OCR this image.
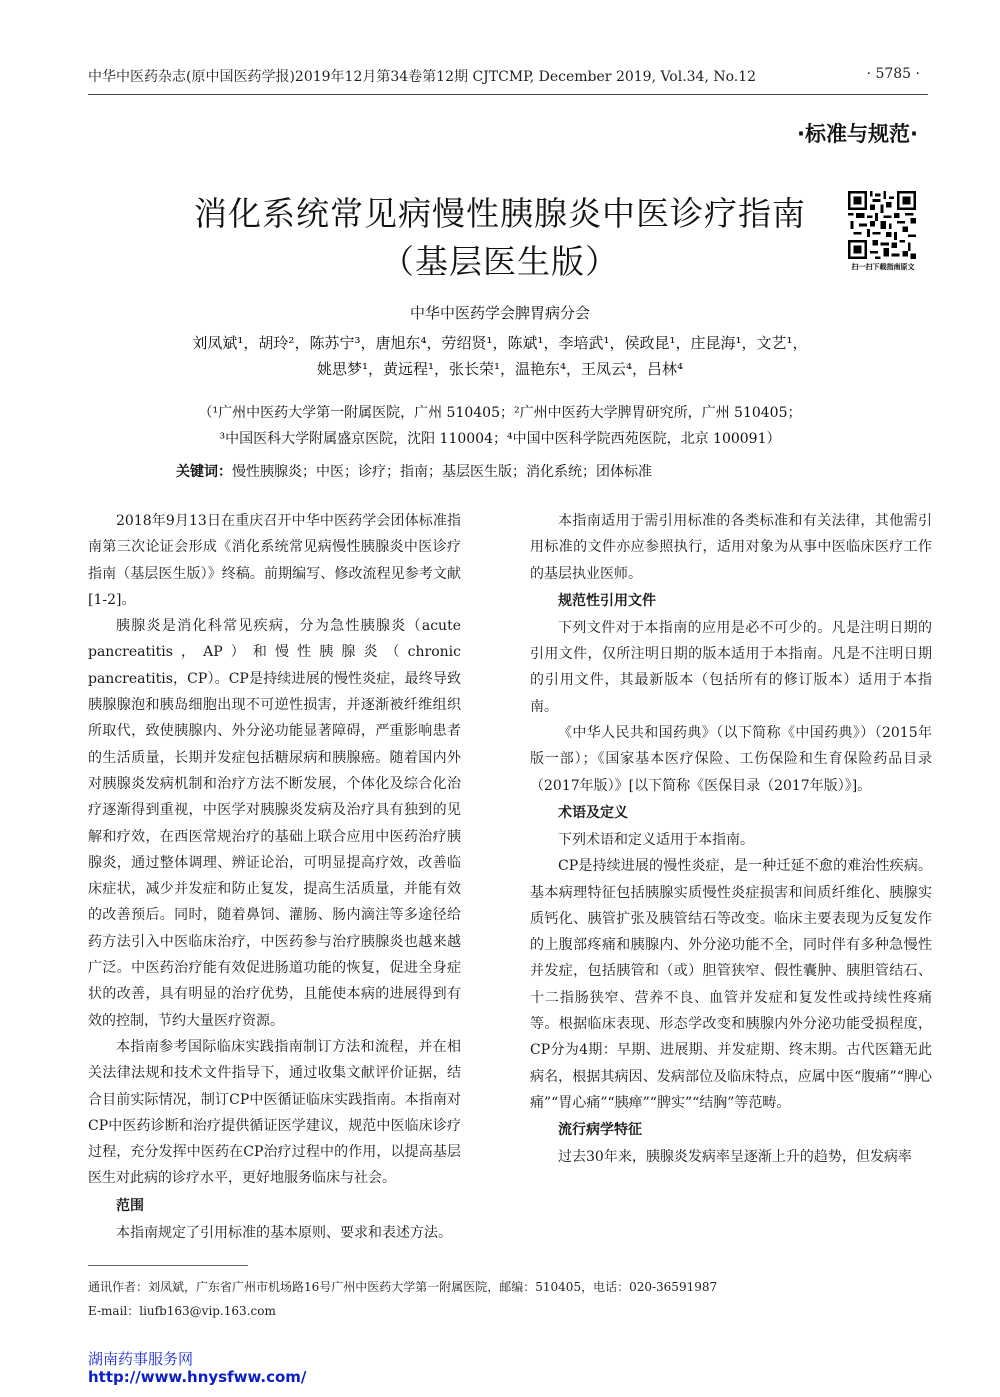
中华中医药杂志(原中国医药学报)2019年12月第34卷第12期 CJTCMP, December 2019, Vol.34, No.12	· 5785 ·
·标准与规范·
消化系统常见病慢性胰腺炎中医诊疗指南
（基层医生版）	扫一扫下载指南原文
中华中医药学会脾胃病分会
刘凤斌¹，胡玲²，陈苏宁³，唐旭东⁴，劳绍贤¹，陈斌¹，李培武¹，侯政昆¹，庄昆海¹，文艺¹，
姚思梦¹，黄远程¹，张长荣¹，温艳东⁴，王凤云⁴，吕林⁴
（¹广州中医药大学第一附属医院，广州 510405；²广州中医药大学脾胃研究所，广州 510405；
³中国医科大学附属盛京医院，沈阳 110004；⁴中国中医科学院西苑医院，北京 100091）
关键词：慢性胰腺炎；中医；诊疗；指南；基层医生版；消化系统；团体标准

2018年9月13日在重庆召开中华中医药学会团体标准指南第三次论证会形成《消化系统常见病慢性胰腺炎中医诊疗指南（基层医生版）》终稿。前期编写、修改流程见参考文献[1-2]。

胰腺炎是消化科常见疾病，分为急性胰腺炎（acute pancreatitis，AP）和慢性胰腺炎（chronic pancreatitis，CP）。CP是持续进展的慢性炎症，最终导致胰腺腺泡和胰岛细胞出现不可逆性损害，并逐渐被纤维组织所取代，致使胰腺内、外分泌功能显著障碍，严重影响患者的生活质量，长期并发症包括糖尿病和胰腺癌。随着国内外对胰腺炎发病机制和治疗方法不断发展，个体化及综合化治疗逐渐得到重视，中医学对胰腺炎发病及治疗具有独到的见解和疗效，在西医常规治疗的基础上联合应用中医药治疗胰腺炎，通过整体调理、辨证论治，可明显提高疗效，改善临床症状，减少并发症和防止复发，提高生活质量，并能有效的改善预后。同时，随着鼻饲、灌肠、肠内滴注等多途径给药方法引入中医临床治疗，中医药参与治疗胰腺炎也越来越广泛。中医药治疗能有效促进肠道功能的恢复，促进全身症状的改善，具有明显的治疗优势，且能使本病的进展得到有效的控制，节约大量医疗资源。

本指南参考国际临床实践指南制订方法和流程，并在相关法律法规和技术文件指导下，通过收集文献评价证据，结合目前实际情况，制订CP中医循证临床实践指南。本指南对CP中医药诊断和治疗提供循证医学建议，规范中医临床诊疗过程，充分发挥中医药在CP治疗过程中的作用，以提高基层医生对此病的诊疗水平，更好地服务临床与社会。

范围

本指南规定了引用标准的基本原则、要求和表述方法。

本指南适用于需引用标准的各类标准和有关法律，其他需引用标准的文件亦应参照执行，适用对象为从事中医临床医疗工作的基层执业医师。

规范性引用文件

下列文件对于本指南的应用是必不可少的。凡是注明日期的引用文件，仅所注明日期的版本适用于本指南。凡是不注明日期的引用文件，其最新版本（包括所有的修订版本）适用于本指南。

《中华人民共和国药典》（以下简称《中国药典》）（2015年版一部）；《国家基本医疗保险、工伤保险和生育保险药品目录（2017年版）》[以下简称《医保目录（2017年版）》]。

术语及定义

下列术语和定义适用于本指南。

CP是持续进展的慢性炎症，是一种迁延不愈的难治性疾病。基本病理特征包括胰腺实质慢性炎症损害和间质纤维化、胰腺实质钙化、胰管扩张及胰管结石等改变。临床主要表现为反复发作的上腹部疼痛和胰腺内、外分泌功能不全，同时伴有多种急慢性并发症，包括胰管和（或）胆管狭窄、假性囊肿、胰胆管结石、十二指肠狭窄、营养不良、血管并发症和复发性或持续性疼痛等。根据临床表现、形态学改变和胰腺内外分泌功能受损程度，CP分为4期：早期、进展期、并发症期、终末期。古代医籍无此病名，根据其病因、发病部位及临床特点，应属中医“腹痛”“脾心痛”“胃心痛”“胰瘅”“脾实”“结胸”等范畴。

流行病学特征

过去30年来，胰腺炎发病率呈逐渐上升的趋势，但发病率

通讯作者：刘凤斌，广东省广州市机场路16号广州中医药大学第一附属医院，邮编：510405，电话：020-36591987
E-mail：liufb163@vip.163.com
湖南药事服务网
http://www.hnysfww.com/
